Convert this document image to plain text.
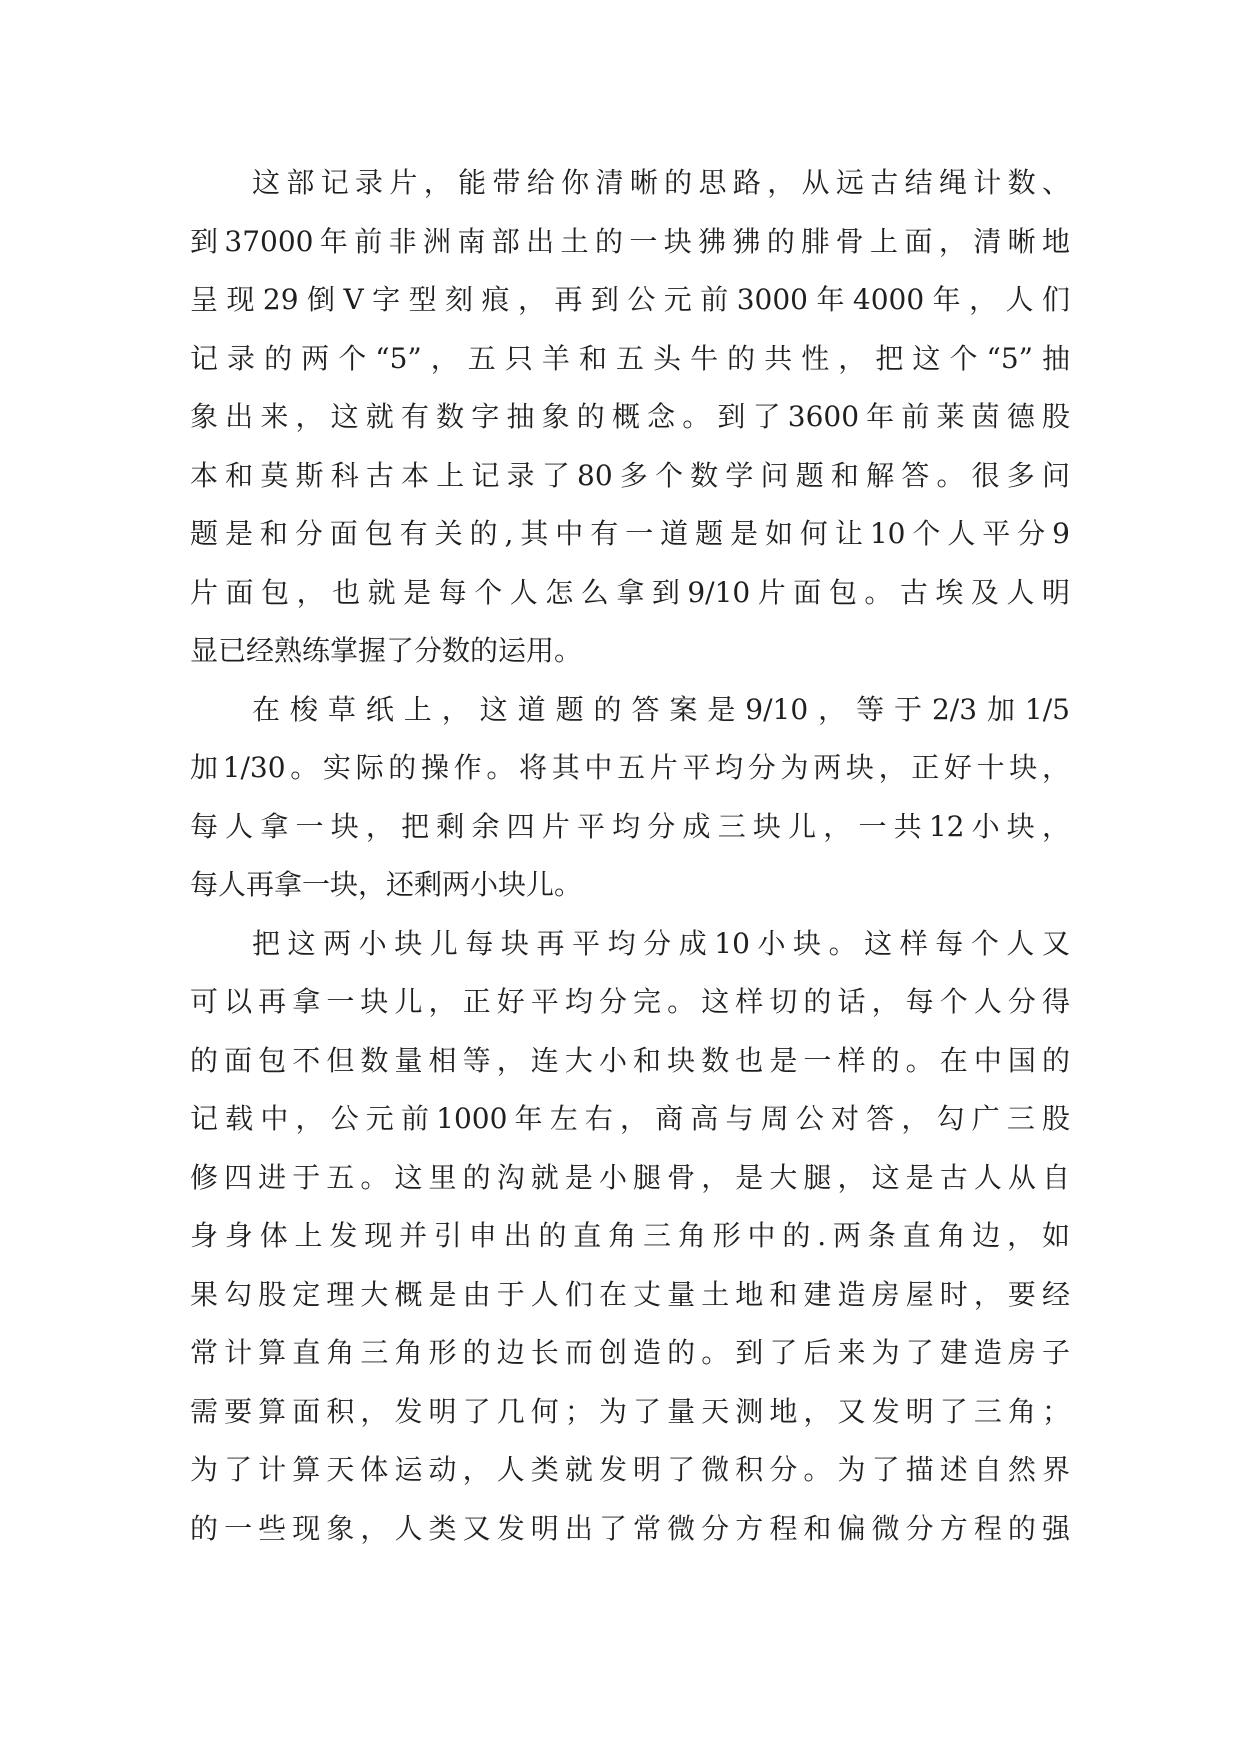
这部记录片，能带给你清晰的思路，从远古结绳计数、
到37000年前非洲南部出土的一块狒狒的腓骨上面，清晰地
呈现29倒V字型刻痕，再到公元前3000年4000年，人们
记录的两个“5”，五只羊和五头牛的共性，把这个“5”抽
象出来，这就有数字抽象的概念。到了3600年前莱茵德股
本和莫斯科古本上记录了80多个数学问题和解答。很多问
题是和分面包有关的,其中有一道题是如何让10个人平分9
片面包，也就是每个人怎么拿到9/10片面包。古埃及人明
显已经熟练掌握了分数的运用。
在梭草纸上，这道题的答案是9/10，等于2/3加1/5
加1/30。实际的操作。将其中五片平均分为两块，正好十块，
每人拿一块，把剩余四片平均分成三块儿，一共12小块，
每人再拿一块，还剩两小块儿。
把这两小块儿每块再平均分成10小块。这样每个人又
可以再拿一块儿，正好平均分完。这样切的话，每个人分得
的面包不但数量相等，连大小和块数也是一样的。在中国的
记载中，公元前1000年左右，商高与周公对答，勾广三股
修四进于五。这里的沟就是小腿骨，是大腿，这是古人从自
身身体上发现并引申出的直角三角形中的.两条直角边，如
果勾股定理大概是由于人们在丈量土地和建造房屋时，要经
常计算直角三角形的边长而创造的。到了后来为了建造房子
需要算面积，发明了几何；为了量天测地，又发明了三角；
为了计算天体运动，人类就发明了微积分。为了描述自然界
的一些现象，人类又发明出了常微分方程和偏微分方程的强
